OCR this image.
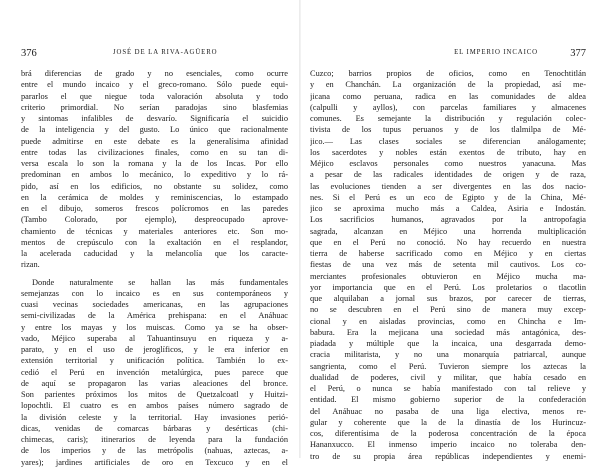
376	JOSÉ DE LA RIVA-AGÜERO
brá diferencias de grado y no esenciales, como ocurre
entre el mundo incaico y el greco-romano. Sólo puede equi-
pararlos el que niegue toda valoración absoluta y todo
criterio primordial. No serían paradojas sino blasfemias
y sintomas infalibles de desvarío. Significaría el suicidio
de la inteligencia y del gusto. Lo único que racionalmente
puede admitirse en este debate es la generalísima afinidad
entre todas las civilizaciones finales, como en su tan di-
versa escala lo son la romana y la de los Incas. Por ello
predominan en ambos lo mecánico, lo expeditivo y lo rá-
pido, así en los edificios, no obstante su solidez, como
en la cerámica de moldes y reminiscencias, lo estampado
en el dibujo, someros frescos polícromos en las paredes
(Tambo Colorado, por ejemplo), despreocupado aprove-
chamiento de técnicas y materiales anteriores etc. Son mo-
mentos de crepúsculo con la exaltación en el resplandor,
la acelerada caducidad y la melancolía que los caracte-
rizan.
Donde naturalmente se hallan las más fundamentales
semejanzas con lo incaico es en sus contemporáneos y
cuasi vecinas sociedades americanas, en las agrupaciones
semi-civilizadas de la América prehispana: en el Anáhuac
y entre los mayas y los muiscas. Como ya se ha obser-
vado, Méjico superaba al Tahuantinsuyu en riqueza y a-
parato, y en el uso de jeroglíficos, y le era inferior en
extensión territorial y unificación política. También lo ex-
cedió el Perú en invención metalúrgica, pues parece que
de aquí se propagaron las varias aleaciones del bronce.
Son parientes próximos los mitos de Quetzalcoatl y Huitzi-
lopochtli. El cuatro es en ambos países número sagrado de
la división celeste y la territorial. Hay invasiones perió-
dicas, venidas de comarcas bárbaras y desérticas (chi-
chimecas, caris); itinerarios de leyenda para la fundación
de los imperios y de las metrópolis (nahuas, aztecas, a-
yares); jardines artificiales de oro en Texcuco y en el
EL IMPERIO INCAICO	377
Cuzco; barrios propios de oficios, como en Tenochtitlán
y en Chanchán. La organización de la propiedad, así me-
jicana como peruana, radica en las comunidades de aldea
(calpulli y ayllos), con parcelas familiares y almacenes
comunes. Es semejante la distribución y regulación colec-
tivista de los tupus peruanos y de los tlalmilpa de Mé-
jico.— Las clases sociales se diferencian análogamente;
los sacerdotes y nobles están exentos de tributo, hay en
Méjico esclavos personales como nuestros yanacuna. Mas
a pesar de las radicales identidades de origen y de raza,
las evoluciones tienden a ser divergentes en las dos nacio-
nes. Si el Perú es un eco de Egipto y de la China, Mé-
jico se aproxima mucho más a Caldea, Asiria e Indostán.
Los sacrificios humanos, agravados por la antropofagia
sagrada, alcanzan en Méjico una horrenda multiplicación
que en el Perú no conoció. No hay recuerdo en nuestra
tierra de haberse sacrificado como en Méjico y en ciertas
fiestas de una vez más de setenta mil cautivos. Los co-
merciantes profesionales obtuvieron en Méjico mucha ma-
yor importancia que en el Perú. Los proletarios o tlacotlin
que alquilaban a jornal sus brazos, por carecer de tierras,
no se descubren en el Perú sino de manera muy excep-
cional y en aisladas provincias, como en Chincha e Im-
babura. Era la mejicana una sociedad más antagónica, des-
piadada y múltiple que la incaica, una desgarrada demo-
cracia militarista, y no una monarquía patriarcal, aunque
sangrienta, como el Perú. Tuvieron siempre los aztecas la
dualidad de poderes, civil y militar, que había cesado en
el Perú, o nunca se había manifestado con tal relieve y
entidad. El mismo gobierno superior de la confederación
del Anáhuac no pasaba de una liga electiva, menos re-
gular y coherente que la de la dinastía de los Hurincuz-
cos, diferentísima de la poderosa concentración de la época
Hananxucco. El inmenso imperio incaico no toleraba den-
tro de su propia área repúblicas independientes y enemi-
